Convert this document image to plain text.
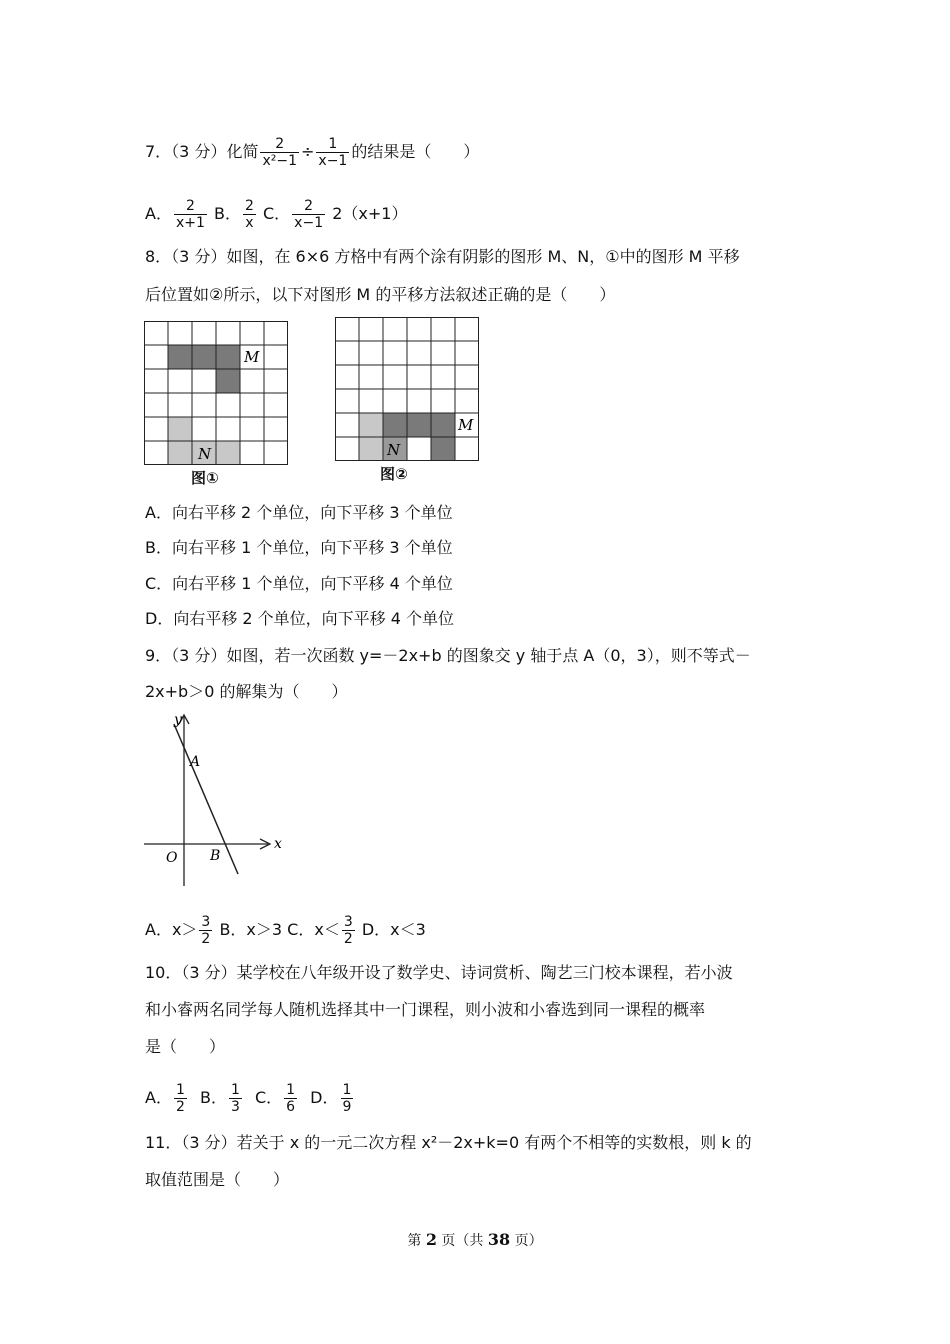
7．（3 分）化简 $\frac{2}{\text{x²−1}} \div \frac{1}{x-1}$ 的结果是（　　）
A． $\frac{2}{x+1}$ B． $\frac{2}{x}$ C． $\frac{2}{x-1} 2(x+1)$
8．（3 分）如图，在 6×6 方格中有两个涂有阴影的图形 M、N，①中的图形 M 平移
后位置如②所示，以下对图形 M 的平移方法叙述正确的是（　　）
M
N
图①
M
N
图②
A．向右平移 2 个单位，向下平移 3 个单位
B．向右平移 1 个单位，向下平移 3 个单位
C．向右平移 1 个单位，向下平移 4 个单位
D．向右平移 2 个单位，向下平移 4 个单位
9．（3 分）如图，若一次函数 y=－2x+b 的图象交 y 轴于点 A（0，3），则不等式－
2x+b＞0 的解集为（　　）
y
x
A
O B
A．$x> \frac{3}{2}$ B．x＞3 C．$x< \frac{3}{2}$ D．x＜3
10．（3 分）某学校在八年级开设了数学史、诗词赏析、陶艺三门校本课程，若小波
和小睿两名同学每人随机选择其中一门课程，则小波和小睿选到同一课程的概率
是（　　）
A． $\frac{1}{2}$ B． $\frac{1}{3}$ C． $\frac{1}{6}$ D． $\frac{1}{9}$
11．（3 分）若关于 x 的一元二次方程 x²－2x+k=0 有两个不相等的实数根，则 k 的
取值范围是（　　）
第 2 页（共 38 页）
